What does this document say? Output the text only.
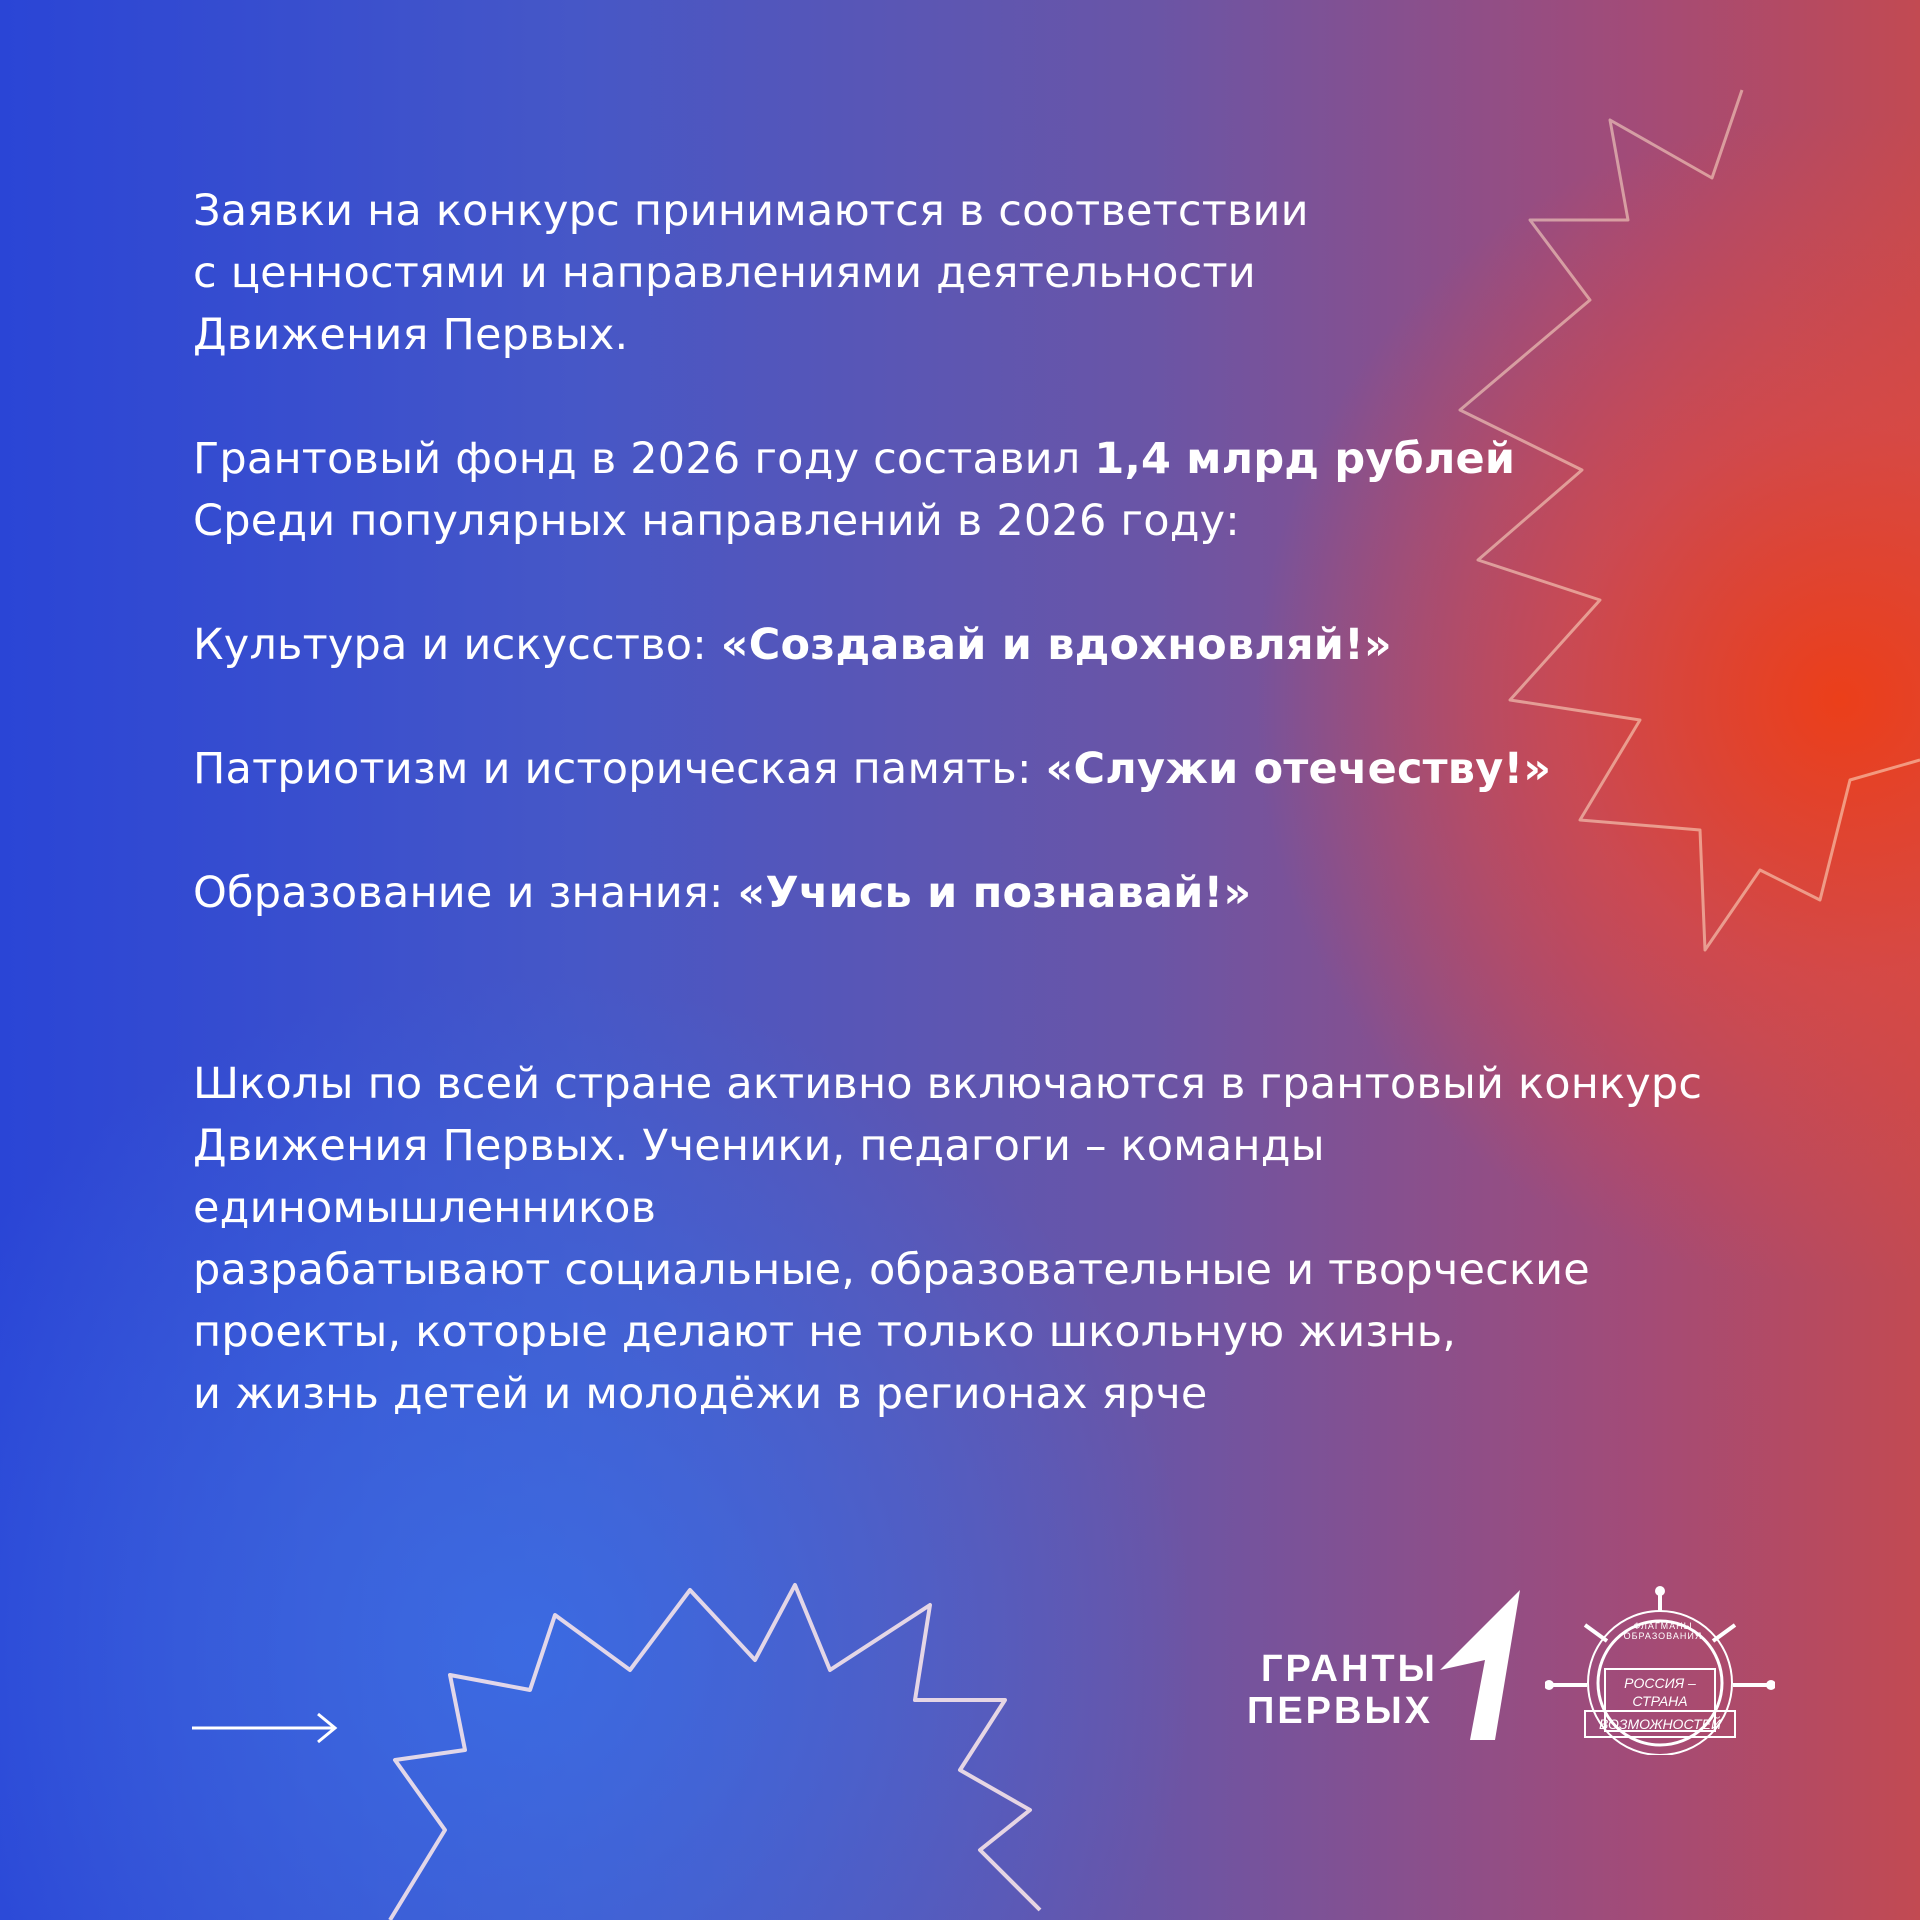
Заявки на конкурс принимаются в соответствии

с ценностями и направлениями деятельности

Движения Первых.

Грантовый фонд в 2026 году составил 1,4 млрд рублей

Среди популярных направлений в 2026 году:

Культура и искусство: «Создавай и вдохновляй!»

Патриотизм и историческая память: «Служи отечеству!»

Образование и знания: «Учись и познавай!»

Школы по всей стране активно включаются в грантовый конкурс

Движения Первых. Ученики, педагоги – команды единомышленников

разрабатывают социальные, образовательные и творческие

проекты, которые делают не только школьную жизнь,

и жизнь детей и молодёжи в регионах ярче

ГРАНТЫ
ПЕРВЫХ
ФЛАГМАНЫ ОБРАЗОВАНИЯ
РОССИЯ –
СТРАНА
ВОЗМОЖНОСТЕЙ
